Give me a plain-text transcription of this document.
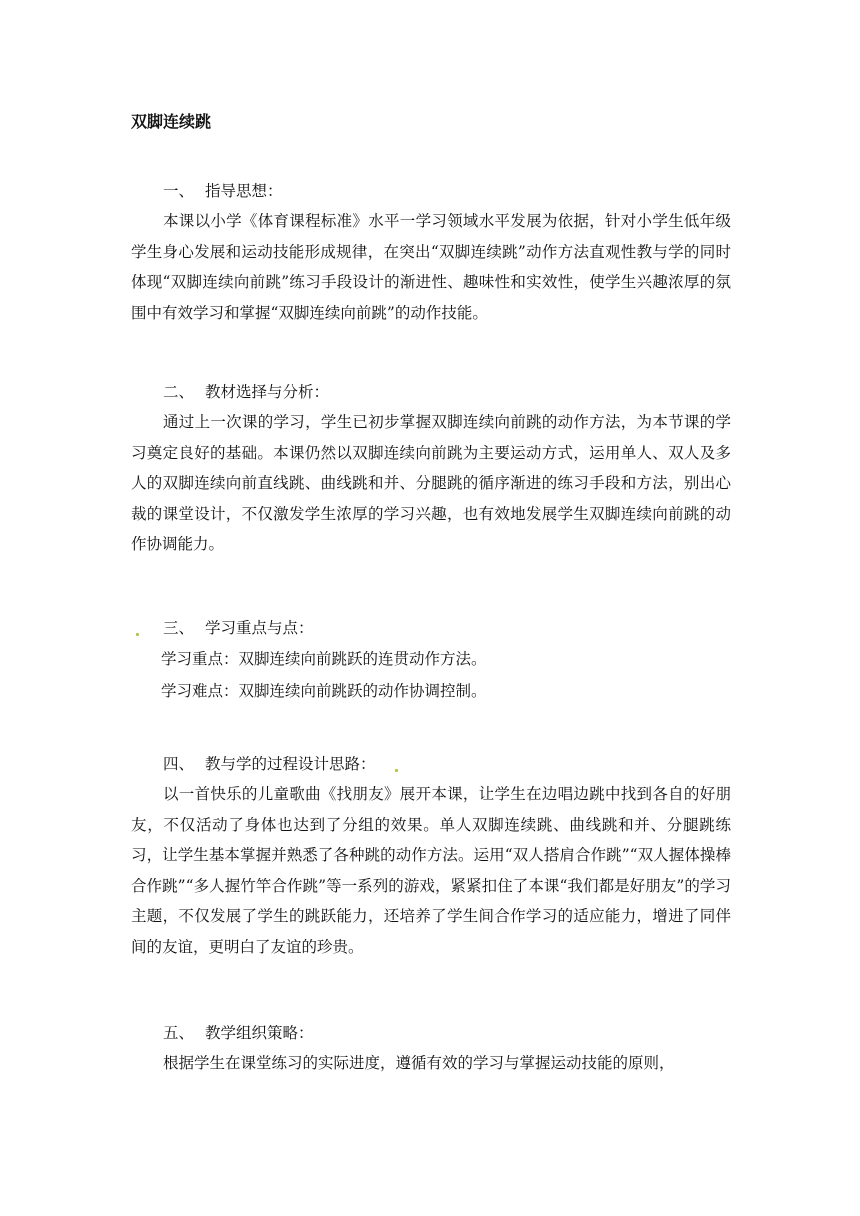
双脚连续跳

一、 指导思想：

本课以小学《体育课程标准》水平一学习领域水平发展为依据，针对小学生低年级学生身心发展和运动技能形成规律，在突出“双脚连续跳”动作方法直观性教与学的同时体现“双脚连续向前跳”练习手段设计的渐进性、趣味性和实效性，使学生兴趣浓厚的氛围中有效学习和掌握“双脚连续向前跳”的动作技能。

二、 教材选择与分析：

通过上一次课的学习，学生已初步掌握双脚连续向前跳的动作方法，为本节课的学习奠定良好的基础。本课仍然以双脚连续向前跳为主要运动方式，运用单人、双人及多人的双脚连续向前直线跳、曲线跳和并、分腿跳的循序渐进的练习手段和方法，别出心裁的课堂设计，不仅激发学生浓厚的学习兴趣，也有效地发展学生双脚连续向前跳的动作协调能力。

三、 学习重点与点：

学习重点：双脚连续向前跳跃的连贯动作方法。

学习难点：双脚连续向前跳跃的动作协调控制。

四、 教与学的过程设计思路：

以一首快乐的儿童歌曲《找朋友》展开本课，让学生在边唱边跳中找到各自的好朋友，不仅活动了身体也达到了分组的效果。单人双脚连续跳、曲线跳和并、分腿跳练习，让学生基本掌握并熟悉了各种跳的动作方法。运用“双人搭肩合作跳”“双人握体操棒合作跳”“多人握竹竿合作跳”等一系列的游戏，紧紧扣住了本课“我们都是好朋友”的学习主题，不仅发展了学生的跳跃能力，还培养了学生间合作学习的适应能力，增进了同伴间的友谊，更明白了友谊的珍贵。

五、 教学组织策略：

根据学生在课堂练习的实际进度，遵循有效的学习与掌握运动技能的原则，
